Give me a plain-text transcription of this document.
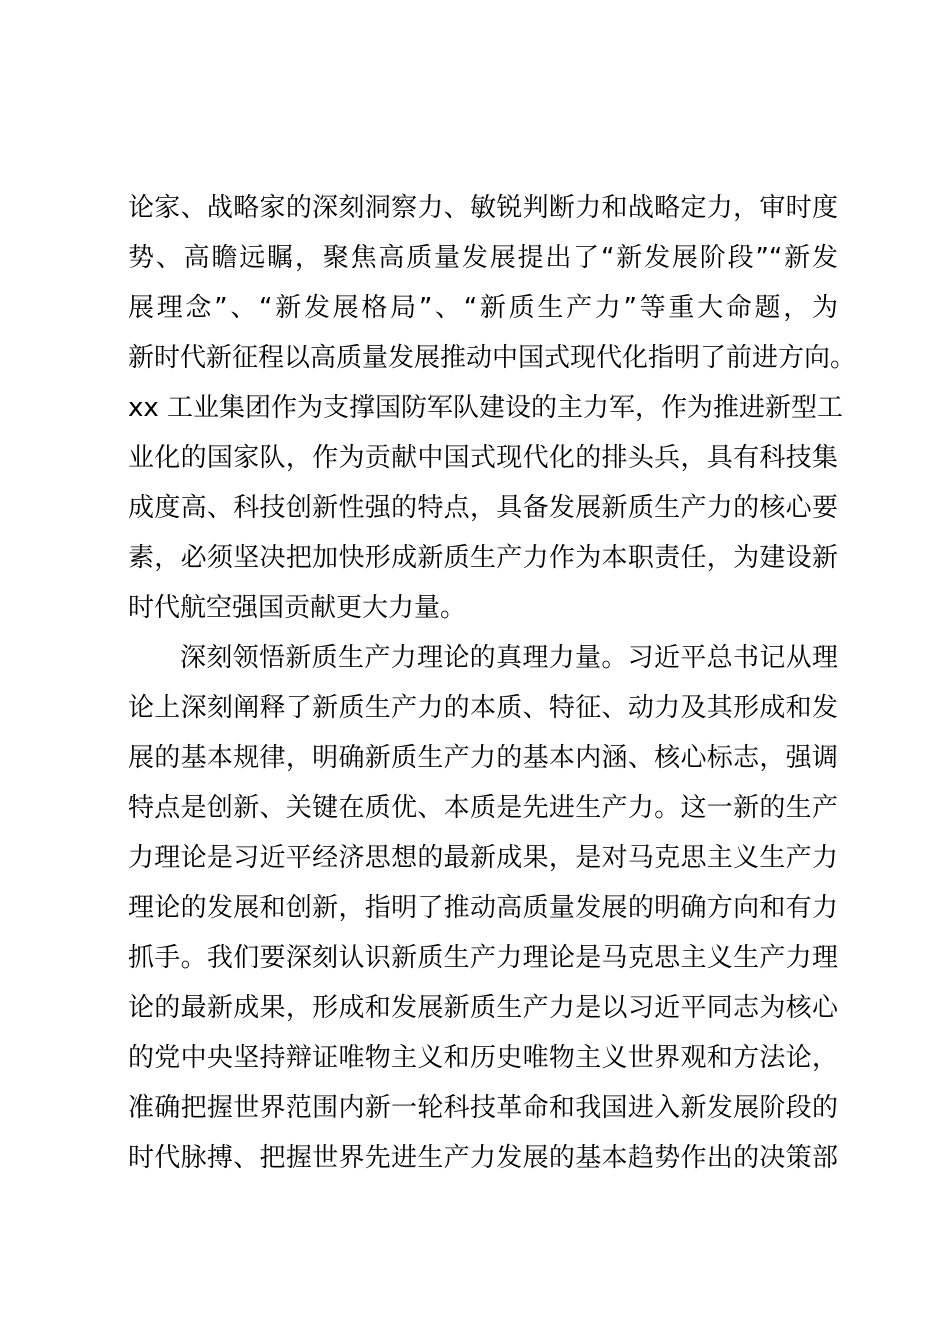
论家、战略家的深刻洞察力、敏锐判断力和战略定力，审时度
势、高瞻远瞩，聚焦高质量发展提出了“新发展阶段”“新发
展理念”、“新发展格局”、“新质生产力”等重大命题，为
新时代新征程以高质量发展推动中国式现代化指明了前进方向。
xx 工业集团作为支撑国防军队建设的主力军，作为推进新型工
业化的国家队，作为贡献中国式现代化的排头兵，具有科技集
成度高、科技创新性强的特点，具备发展新质生产力的核心要
素，必须坚决把加快形成新质生产力作为本职责任，为建设新
时代航空强国贡献更大力量。
深刻领悟新质生产力理论的真理力量。习近平总书记从理
论上深刻阐释了新质生产力的本质、特征、动力及其形成和发
展的基本规律，明确新质生产力的基本内涵、核心标志，强调
特点是创新、关键在质优、本质是先进生产力。这一新的生产
力理论是习近平经济思想的最新成果，是对马克思主义生产力
理论的发展和创新，指明了推动高质量发展的明确方向和有力
抓手。我们要深刻认识新质生产力理论是马克思主义生产力理
论的最新成果，形成和发展新质生产力是以习近平同志为核心
的党中央坚持辩证唯物主义和历史唯物主义世界观和方法论，
准确把握世界范围内新一轮科技革命和我国进入新发展阶段的
时代脉搏、把握世界先进生产力发展的基本趋势作出的决策部
